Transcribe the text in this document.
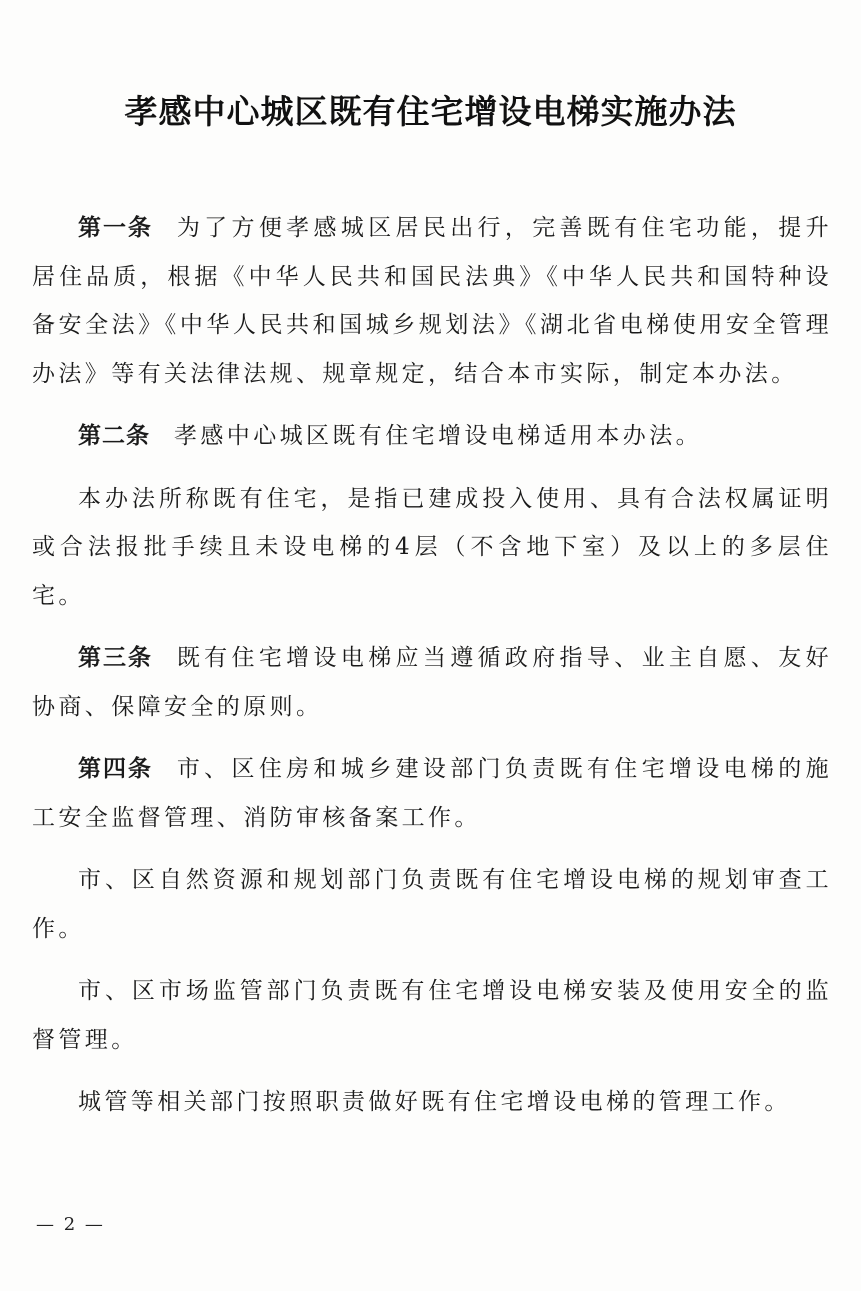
孝感中心城区既有住宅增设电梯实施办法

第一条 为了方便孝感城区居民出行，完善既有住宅功能，提升居住品质，根据《中华人民共和国民法典》《中华人民共和国特种设备安全法》《中华人民共和国城乡规划法》《湖北省电梯使用安全管理办法》等有关法律法规、规章规定，结合本市实际，制定本办法。

第二条 孝感中心城区既有住宅增设电梯适用本办法。

本办法所称既有住宅，是指已建成投入使用、具有合法权属证明或合法报批手续且未设电梯的4层（不含地下室）及以上的多层住宅。

第三条 既有住宅增设电梯应当遵循政府指导、业主自愿、友好协商、保障安全的原则。

第四条 市、区住房和城乡建设部门负责既有住宅增设电梯的施工安全监督管理、消防审核备案工作。

市、区自然资源和规划部门负责既有住宅增设电梯的规划审查工作。

市、区市场监管部门负责既有住宅增设电梯安装及使用安全的监督管理。

城管等相关部门按照职责做好既有住宅增设电梯的管理工作。

— 2 —
